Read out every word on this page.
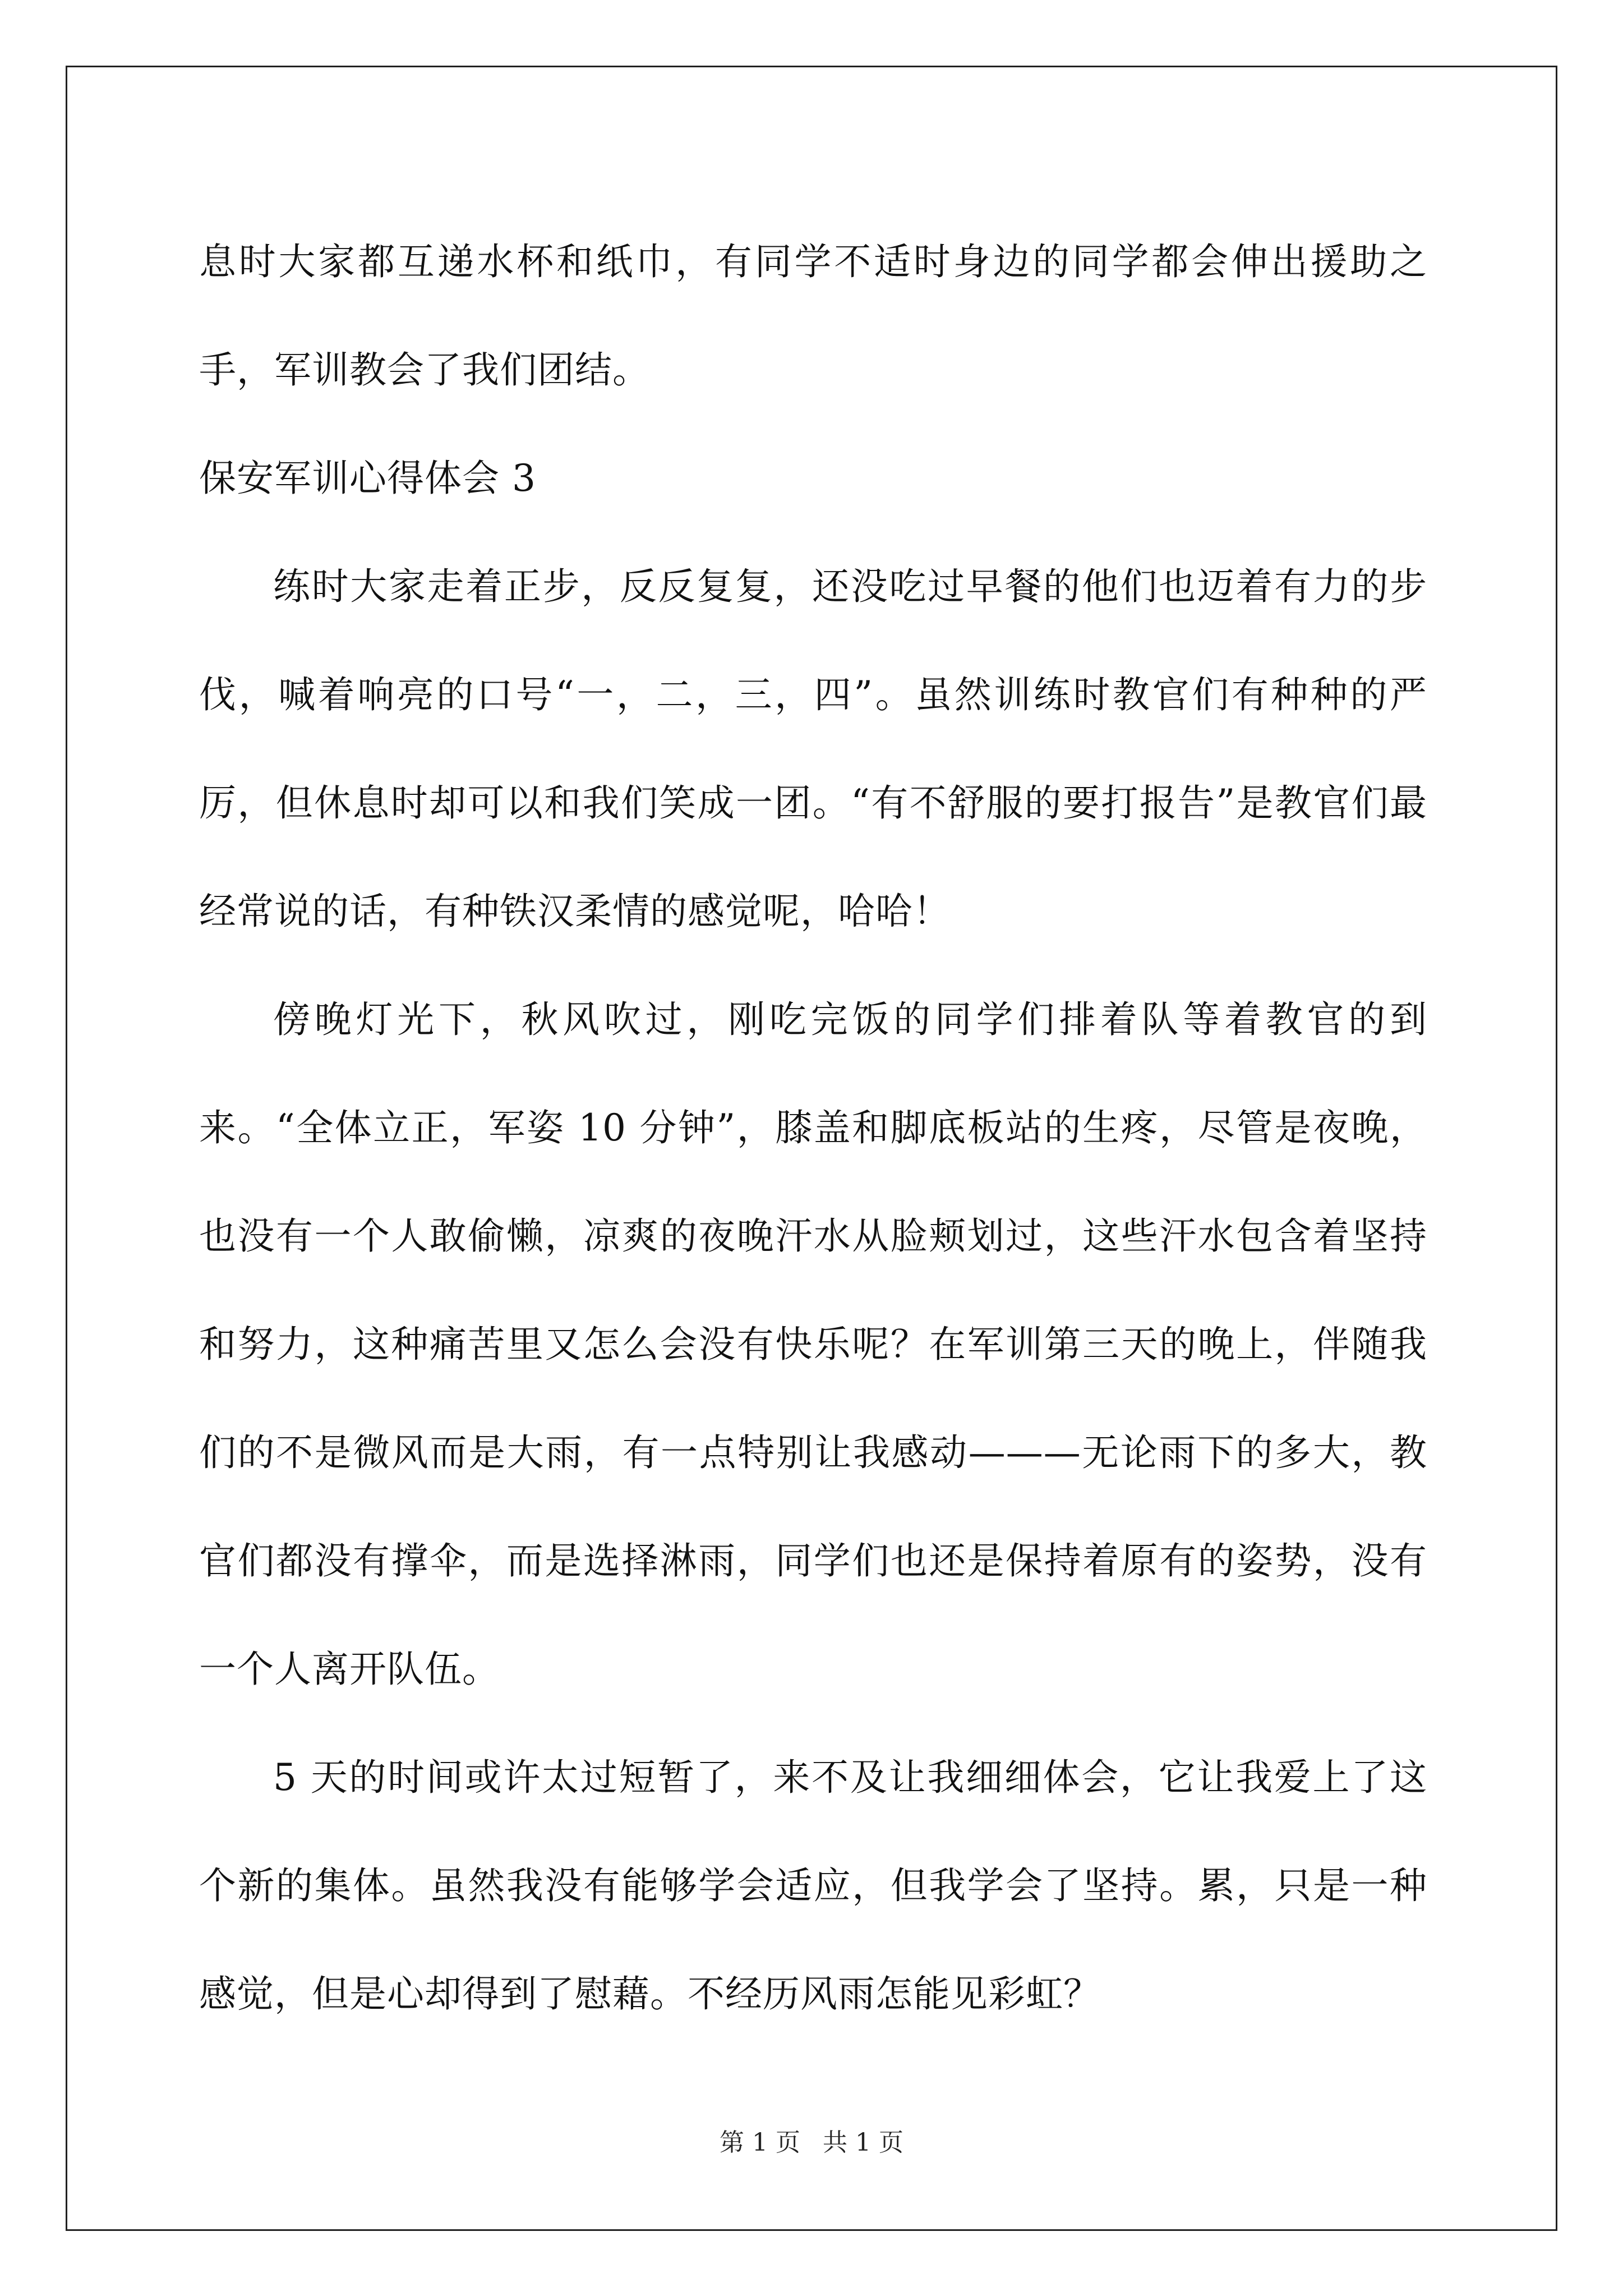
息时大家都互递水杯和纸巾，有同学不适时身边的同学都会伸出援助之手，军训教会了我们团结。

保安军训心得体会 3

练时大家走着正步，反反复复，还没吃过早餐的他们也迈着有力的步伐，喊着响亮的口号“一，二，三，四”。虽然训练时教官们有种种的严厉，但休息时却可以和我们笑成一团。“有不舒服的要打报告”是教官们最经常说的话，有种铁汉柔情的感觉呢，哈哈！

傍晚灯光下，秋风吹过，刚吃完饭的同学们排着队等着教官的到来。“全体立正，军姿 10 分钟”，膝盖和脚底板站的生疼，尽管是夜晚，也没有一个人敢偷懒，凉爽的夜晚汗水从脸颊划过，这些汗水包含着坚持和努力，这种痛苦里又怎么会没有快乐呢？在军训第三天的晚上，伴随我们的不是微风而是大雨，有一点特别让我感动———无论雨下的多大，教官们都没有撑伞，而是选择淋雨，同学们也还是保持着原有的姿势，没有一个人离开队伍。

5 天的时间或许太过短暂了，来不及让我细细体会，它让我爱上了这个新的集体。虽然我没有能够学会适应，但我学会了坚持。累，只是一种感觉，但是心却得到了慰藉。不经历风雨怎能见彩虹？

第 1 页 共 1 页
